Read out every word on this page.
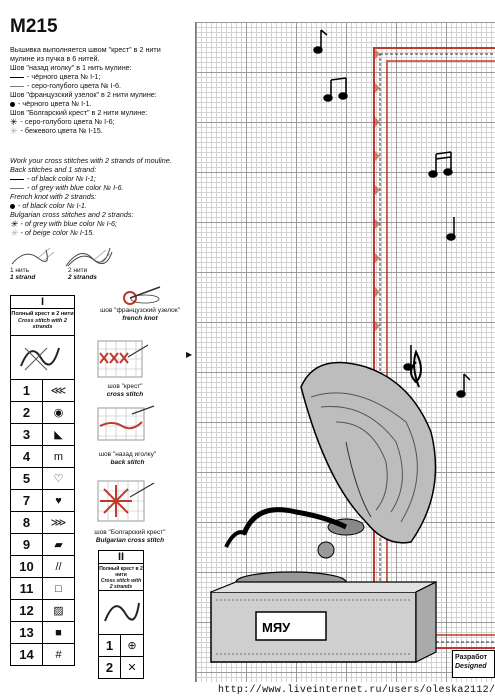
M215
Вышивка выполняется швом "крест" в 2 нити
мулине из пучка в 6 нитей.
Шов "назад иголку" в 1 нить мулине:
- чёрного цвета № I-1;
- серо-голубого цвета № I-6.
Шов "французский узелок" в 2 нити мулине:
- чёрного цвета № I-1.
Шов "Болгарский крест" в 2 нити мулине:
✳ - серо-голубого цвета № I-6;
✳ - бежевого цвета № I-15.
Work your cross stitches with 2 strands of mouline.
Back stitches and 1 strand:
- of black color № I-1;
- of grey with blue color № I-6.
French knot with 2 strands:
- of black color № I-1.
Bulgarian cross stitches and 2 strands:
✳ - of grey with blue color № I-6;
✳ - of beige color № I-15.
1 нить
1 strand
2 нити
2 strands
I
Полный крест в 2 нити
Cross stitch with 2 strands
1	⋘
2	◉
3	◣
4	m
5	♡
7	♥
8	⋙
9	▰
10	//
11	□
12	▨
13	■
14	#
II
Полный крест в 2 нити
Cross stitch with 2 strands
1	⊕
2	✕
шов "французский узелок"
french knot
шов "крест"
cross stitch
шов "назад иголку"
back stitch
шов "Болгарский крест"
Bulgarian cross stitch
▶
МЯУ
Разработ
Designed
http://www.liveinternet.ru/users/oleska2112/
